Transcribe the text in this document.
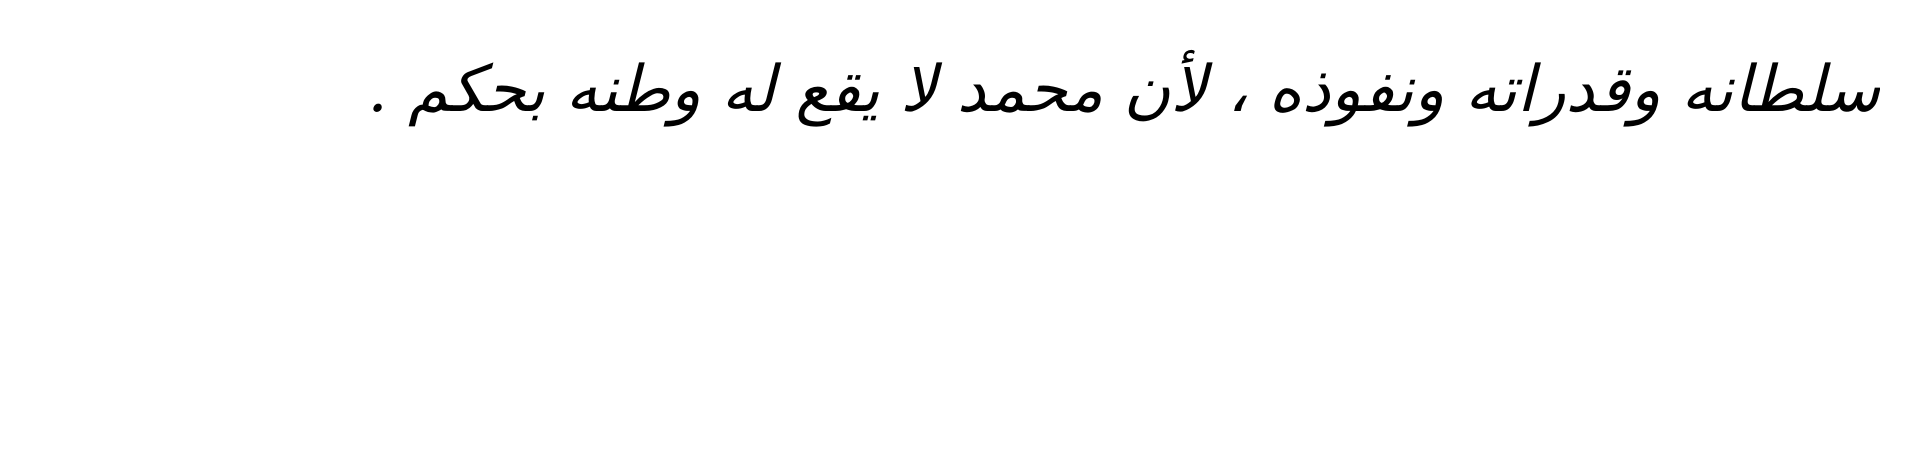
سلطانه وقدراته ونفوذه ، لأن محمد لا يقع له وطنه بحكم .
